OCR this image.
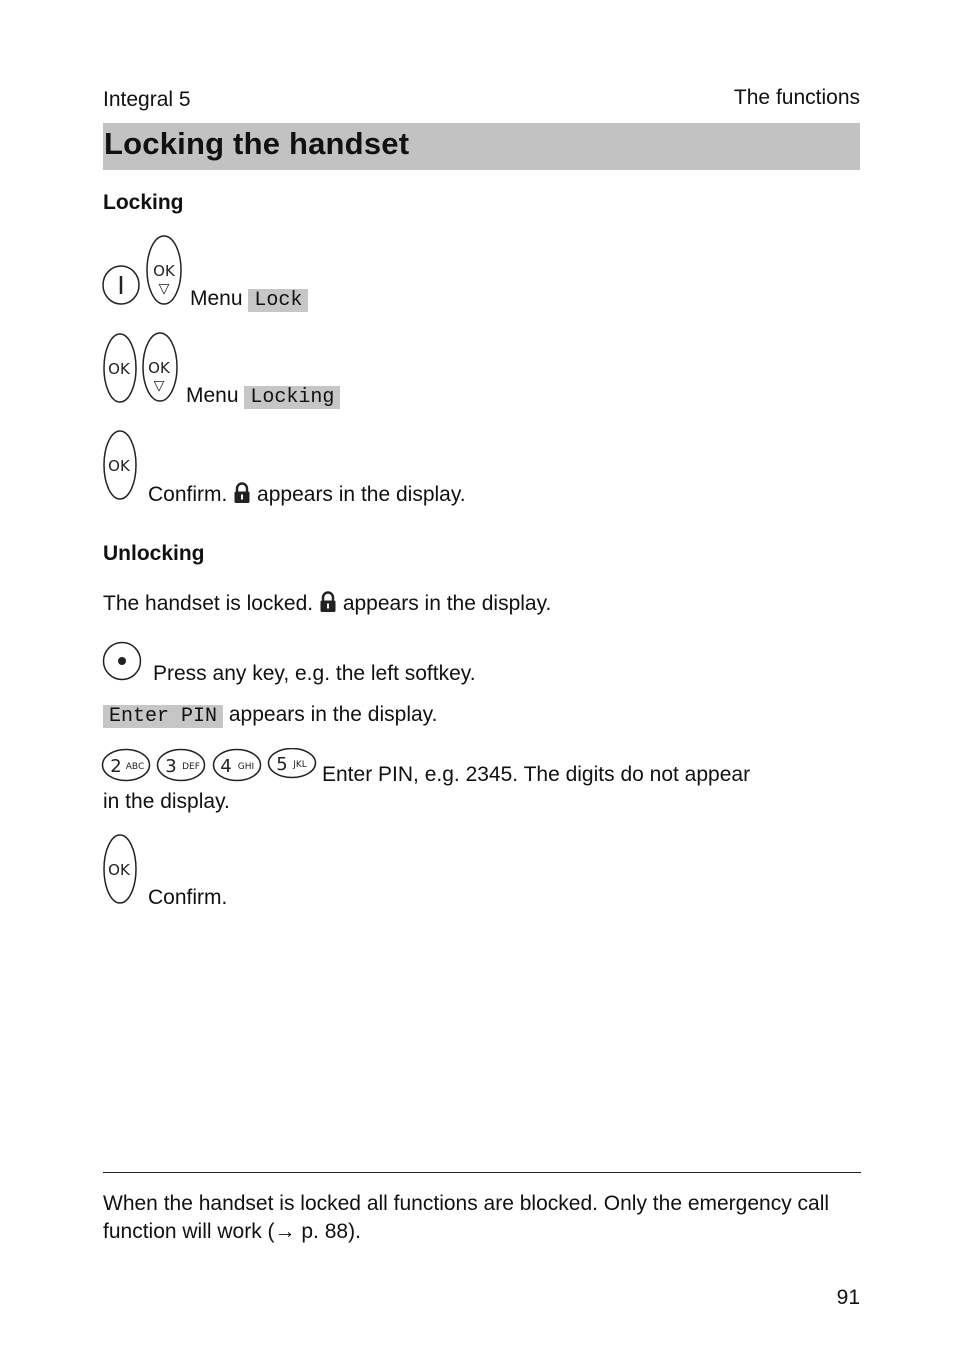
Integral 5	The functions
Locking the handset
Locking
OK
▽ Menu Lock
OK OK
▽ Menu Locking
OK
Confirm. appears in the display.
Unlocking
The handset is locked. appears in the display.
Press any key, e.g. the left softkey.
Enter PIN appears in the display.
2 ABC 3 DEF 4 GHI 5 JKL Enter PIN, e.g. 2345. The digits do not appear
in the display.
OK
Confirm.
When the handset is locked all functions are blocked. Only the emergency call function will work (→ p. 88).
91
